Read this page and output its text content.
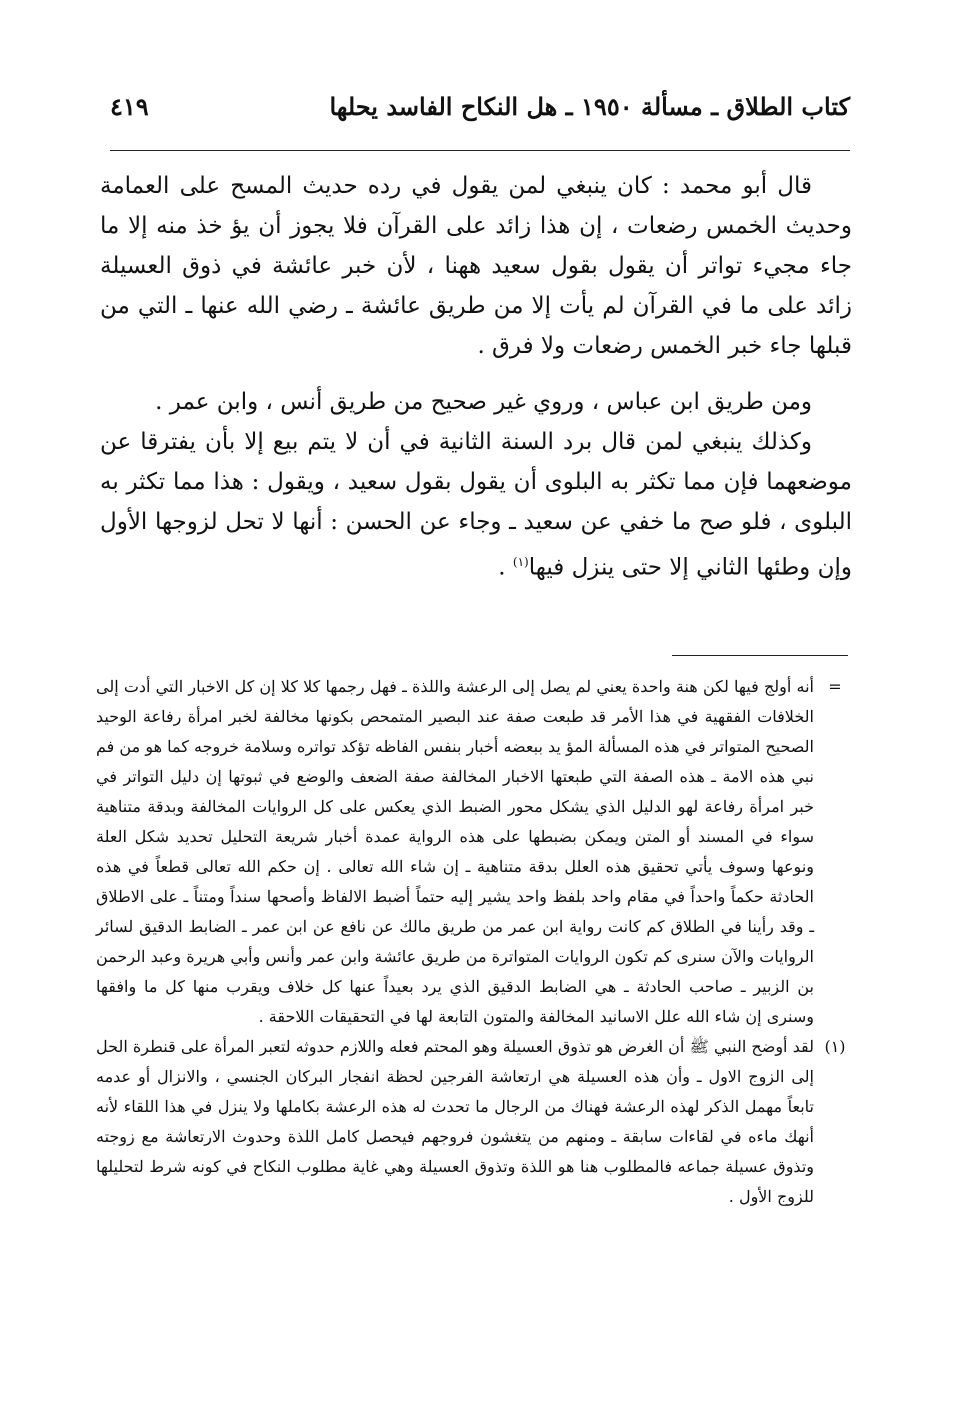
كتاب الطلاق ـ مسألة ١٩٥٠ ـ هل النكاح الفاسد يحلها
٤١٩

قال أبو محمد : كان ينبغي لمن يقول في رده حديث المسح على العمامة وحديث الخمس رضعات ، إن هذا زائد على القرآن فلا يجوز أن يؤ خذ منه إلا ما جاء مجيء تواتر أن يقول بقول سعيد ههنا ، لأن خبر عائشة في ذوق العسيلة زائد على ما في القرآن لم يأت إلا من طريق عائشة ـ رضي الله عنها ـ التي من قبلها جاء خبر الخمس رضعات ولا فرق .

ومن طريق ابن عباس ، وروي غير صحيح من طريق أنس ، وابن عمر .

وكذلك ينبغي لمن قال برد السنة الثانية في أن لا يتم بيع إلا بأن يفترقا عن موضعهما فإن مما تكثر به البلوى أن يقول بقول سعيد ، ويقول : هذا مما تكثر به البلوى ، فلو صح ما خفي عن سعيد ـ وجاء عن الحسن : أنها لا تحل لزوجها الأول وإن وطئها الثاني إلا حتى ينزل فيها$^{(١)}$ .

=
أنه أولج فيها لكن هنة واحدة يعني لم يصل إلى الرعشة واللذة ـ فهل رجمها كلا كلا إن كل الاخبار التي أدت إلى الخلافات الفقهية في هذا الأمر قد طبعت صفة عند البصير المتمحص بكونها مخالفة لخبر امرأة رفاعة الوحيد الصحيح المتواتر في هذه المسألة المؤ يد ببعضه أخبار بنفس الفاظه تؤكد تواتره وسلامة خروجه كما هو من فم نبي هذه الامة ـ هذه الصفة التي طبعتها الاخبار المخالفة صفة الضعف والوضع في ثبوتها إن دليل التواتر في خبر امرأة رفاعة لهو الدليل الذي يشكل محور الضبط الذي يعكس على كل الروايات المخالفة وبدقة متناهية سواء في المسند أو المتن ويمكن بضبطها على هذه الرواية عمدة أخبار شريعة التحليل تحديد شكل العلة ونوعها وسوف يأتي تحقيق هذه العلل بدقة متناهية ـ إن شاء الله تعالى . إن حكم الله تعالى قطعاً في هذه الحادثة حكماً واحداً في مقام واحد بلفظ واحد يشير إليه حتماً أضبط الالفاظ وأصحها سنداً ومتناً ـ على الاطلاق ـ وقد رأينا في الطلاق كم كانت رواية ابن عمر من طريق مالك عن نافع عن ابن عمر ـ الضابط الدقيق لسائر الروايات والآن سنرى كم تكون الروايات المتواترة من طريق عائشة وابن عمر وأنس وأبي هريرة وعبد الرحمن بن الزبير ـ صاحب الحادثة ـ هي الضابط الدقيق الذي يرد بعيداً عنها كل خلاف ويقرب منها كل ما وافقها وسنرى إن شاء الله علل الاسانيد المخالفة والمتون التابعة لها في التحقيقات اللاحقة .
(١)
لقد أوضح النبي ﷺ أن الغرض هو تذوق العسيلة وهو المحتم فعله واللازم حدوثه لتعبر المرأة على قنطرة الحل إلى الزوج الاول ـ وأن هذه العسيلة هي ارتعاشة الفرجين لحظة انفجار البركان الجنسي ، والانزال أو عدمه تابعاً مهمل الذكر لهذه الرعشة فهناك من الرجال ما تحدث له هذه الرعشة بكاملها ولا ينزل في هذا اللقاء لأنه أنهك ماءه في لقاءات سابقة ـ ومنهم من يتغشون فروجهم فيحصل كامل اللذة وحدوث الارتعاشة مع زوجته وتذوق عسيلة جماعه فالمطلوب هنا هو اللذة وتذوق العسيلة وهي غاية مطلوب النكاح في كونه شرط لتحليلها للزوج الأول .
